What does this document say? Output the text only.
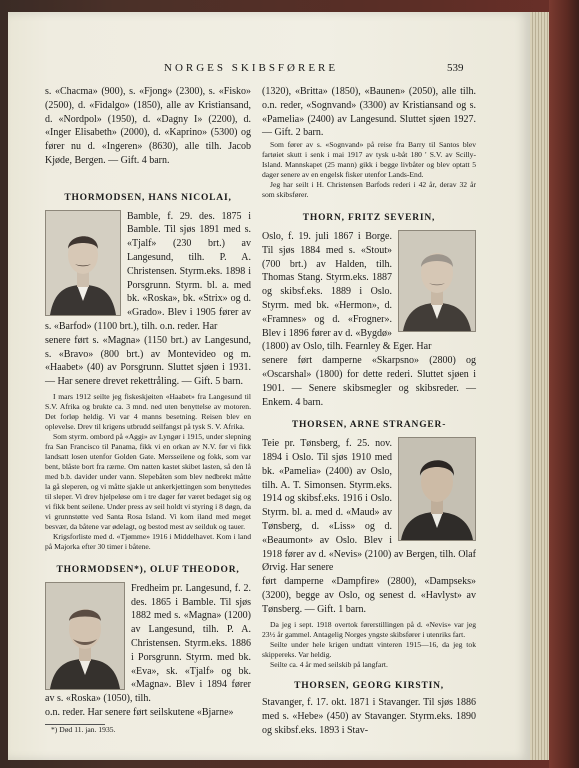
NORGES SKIBSFØRERE	539

s. «Chacma» (900), s. «Fjong» (2300), s. «Fisko» (2500), d. «Fidalgo» (1850), alle av Kristiansand, d. «Nordpol» (1950), d. «Dagny I» (2200), d. «Inger Elisabeth» (2000), d. «Kaprino» (5300) og fører nu d. «Ingeren» (8630), alle tilh. Jacob Kjøde, Bergen. — Gift. 4 barn.

THORMODSEN, HANS NICOLAI,

Bamble, f. 29. des. 1875 i Bamble. Til sjøs 1891 med s. «Tjalf» (230 brt.) av Langesund, tilh. P. A. Christensen. Styrm.eks. 1898 i Porsgrunn. Styrm. bl. a. med bk. «Roska», bk. «Strix» og d. «Grado». Blev i 1905 fører av s. «Barfod» (1100 brt.), tilh. o.n. reder. Har

senere ført s. «Magna» (1150 brt.) av Langesund, s. «Bravo» (800 brt.) av Montevideo og m. «Haabet» (40) av Porsgrunn. Sluttet sjøen i 1931. — Har senere drevet rekettråling. — Gift. 5 barn.

I mars 1912 seilte jeg fiskeskjøiten «Haabet» fra Langesund til S.V. Afrika og brukte ca. 3 mnd. ned uten benyttelse av motoren. Det forløp heldig. Vi var 4 manns besetning. Reisen blev en oplevelse. Drev til krigens utbrudd seilfangst på tysk S. V. Afrika.

Som styrm. ombord på «Aggi» av Lyngør i 1915, under slepning fra San Francisco til Panama, fikk vi en orkan av N.V. før vi fikk landsatt losen utenfor Golden Gate. Mersseilene og fokk, som var bent, blåste bort fra rærne. Om natten kastet skibet lasten, så den lå med b.b. davider under vann. Slepebåten som blev nedbrekt måtte la gå sleperen, og vi måtte sjakle ut ankerkjettingen som benyttedes til sleper. Vi drev hjelpeløse om i tre dager før været bedaget sig og vi fikk bent seilene. Under press av seil holdt vi styring i 8 døgn, da vi grunnstøtte ved Santa Rosa Island. Vi kom iland med meget besvær, da båtene var ødelagt, og bestod mest av seilduk og tauer.

Krigsforliste med d. «Tjømme» 1916 i Middelhavet. Kom i land på Majorka efter 30 timer i båtene.

THORMODSEN*), OLUF THEODOR,

Fredheim pr. Langesund, f. 2. des. 1865 i Bamble. Til sjøs 1882 med s. «Magna» (1200) av Langesund, tilh. P. A. Christensen. Styrm.eks. 1886 i Porsgrunn. Styrm. med bk. «Eva», sk. «Tjalf» og bk. «Magna». Blev i 1894 fører av s. «Roska» (1050), tilh.

o.n. reder. Har senere ført seilskutene «Bjarne»

*) Død 11. jan. 1935.

(1320), «Britta» (1850), «Baunen» (2050), alle tilh. o.n. reder, «Sognvand» (3300) av Kristiansand og s. «Pamelia» (2400) av Langesund. Sluttet sjøen 1927. — Gift. 2 barn.

Som fører av s. «Sognvand» på reise fra Barry til Santos blev fartøiet skutt i senk i mai 1917 av tysk u-båt 180 ' S.V. av Scilly-Island. Mannskapet (25 mann) gikk i begge livbåter og blev optatt 5 dager senere av en engelsk fisker utenfor Lands-End.

Jeg har seilt i H. Christensen Barfods rederi i 42 år, derav 32 år som skibsfører.

THORN, FRITZ SEVERIN,

Oslo, f. 19. juli 1867 i Borge. Til sjøs 1884 med s. «Stout» (700 brt.) av Halden, tilh. Thomas Stang. Styrm.eks. 1887 og skibsf.eks. 1889 i Oslo. Styrm. med bk. «Hermon», d. «Framnes» og d. «Frogner». Blev i 1896 fører av d. «Bygdø» (1800) av Oslo, tilh. Fearnley & Eger. Har

senere ført damperne «Skarpsno» (2800) og «Oscarshal» (1800) for dette rederi. Sluttet sjøen i 1901. — Senere skibsmegler og skibsreder. — Enkem. 4 barn.

THORSEN, ARNE STRANGER-

Teie pr. Tønsberg, f. 25. nov. 1894 i Oslo. Til sjøs 1910 med bk. «Pamelia» (2400) av Oslo, tilh. A. T. Simonsen. Styrm.eks. 1914 og skibsf.eks. 1916 i Oslo. Styrm. bl. a. med d. «Maud» av Tønsberg, d. «Liss» og d. «Beaumont» av Oslo. Blev i 1918 fører av d. «Nevis» (2100) av Bergen, tilh. Olaf Ørvig. Har senere

ført damperne «Dampfire» (2800), «Dampseks» (3200), begge av Oslo, og senest d. «Havlyst» av Tønsberg. — Gift. 1 barn.

Da jeg i sept. 1918 overtok førerstillingen på d. «Nevis» var jeg 23½ år gammel. Antagelig Norges yngste skibsfører i utenriks fart.

Seilte under hele krigen undtatt vinteren 1915—16, da jeg tok skippereks. Var heldig.

Seilte ca. 4 år med seilskib på langfart.

THORSEN, GEORG KIRSTIN,

Stavanger, f. 17. okt. 1871 i Stavanger. Til sjøs 1886 med s. «Hebe» (450) av Stavanger. Styrm.eks. 1890 og skibsf.eks. 1893 i Stav-
